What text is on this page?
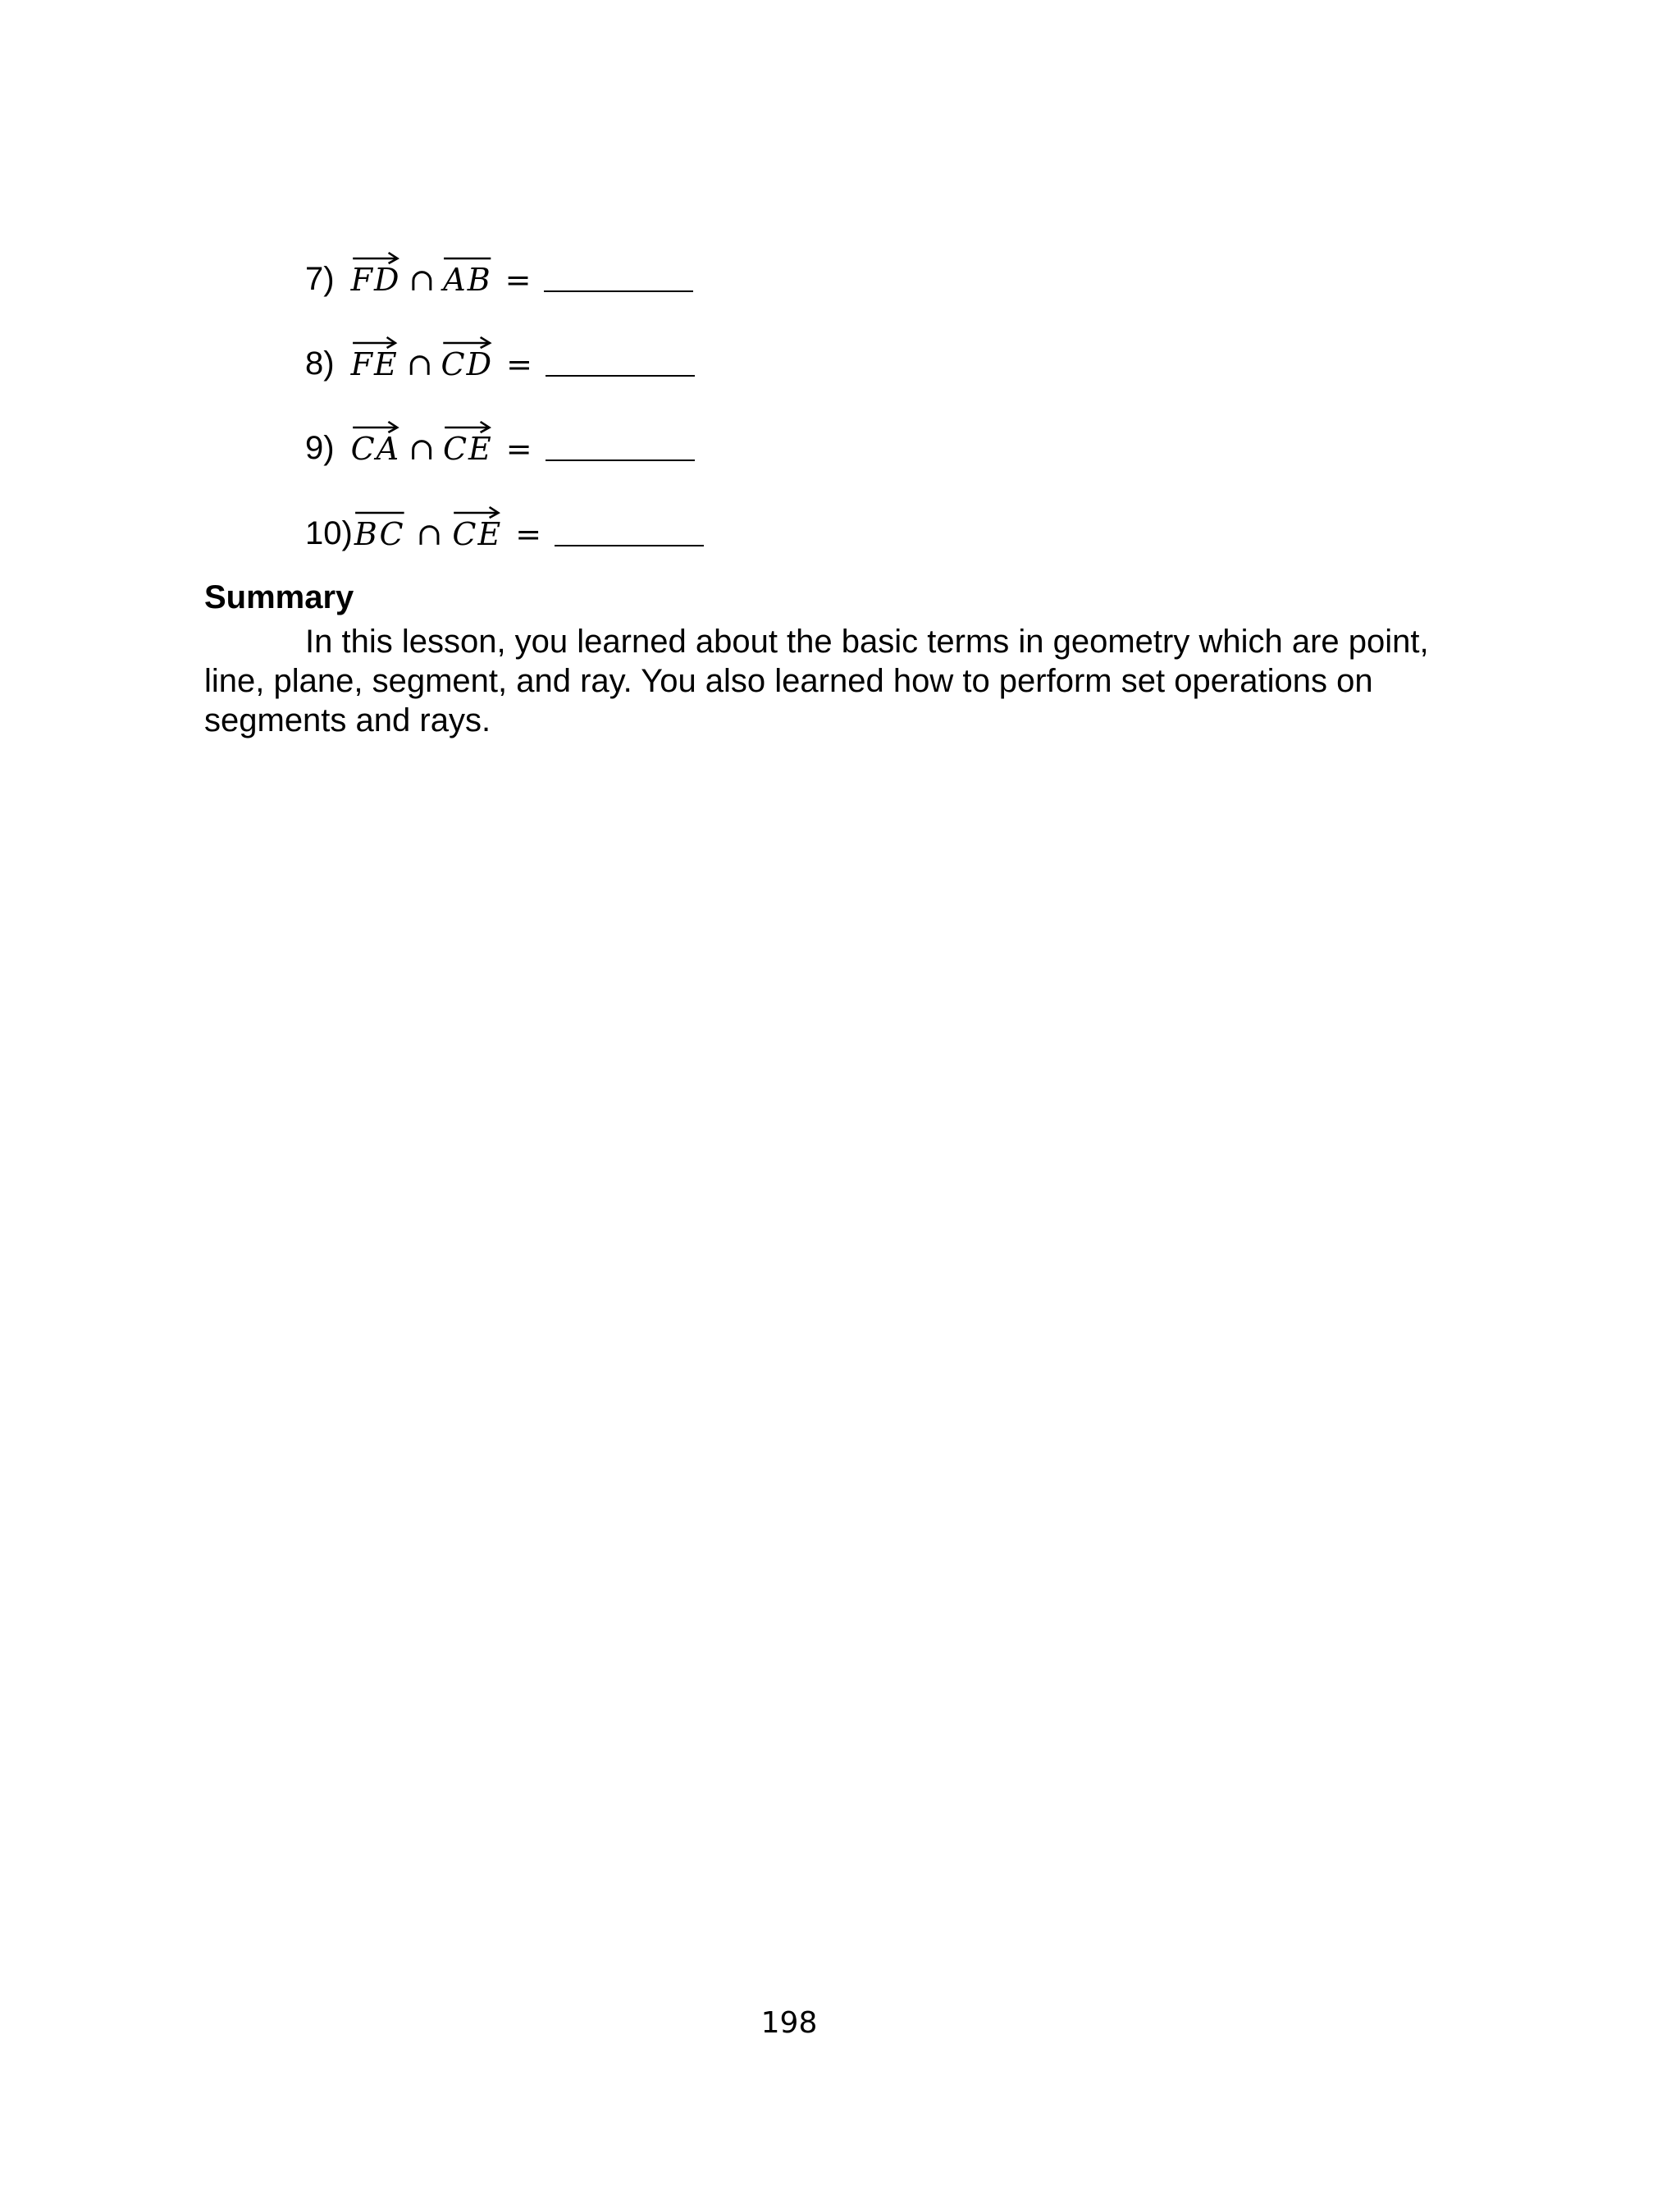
7) FD ∩ AB =
8) FE ∩ CD =
9) CA ∩ CE =
10) BC ∩ CE =
Summary

In this lesson, you learned about the basic terms in geometry which are point, line, plane, segment, and ray. You also learned how to perform set operations on segments and rays.

198
